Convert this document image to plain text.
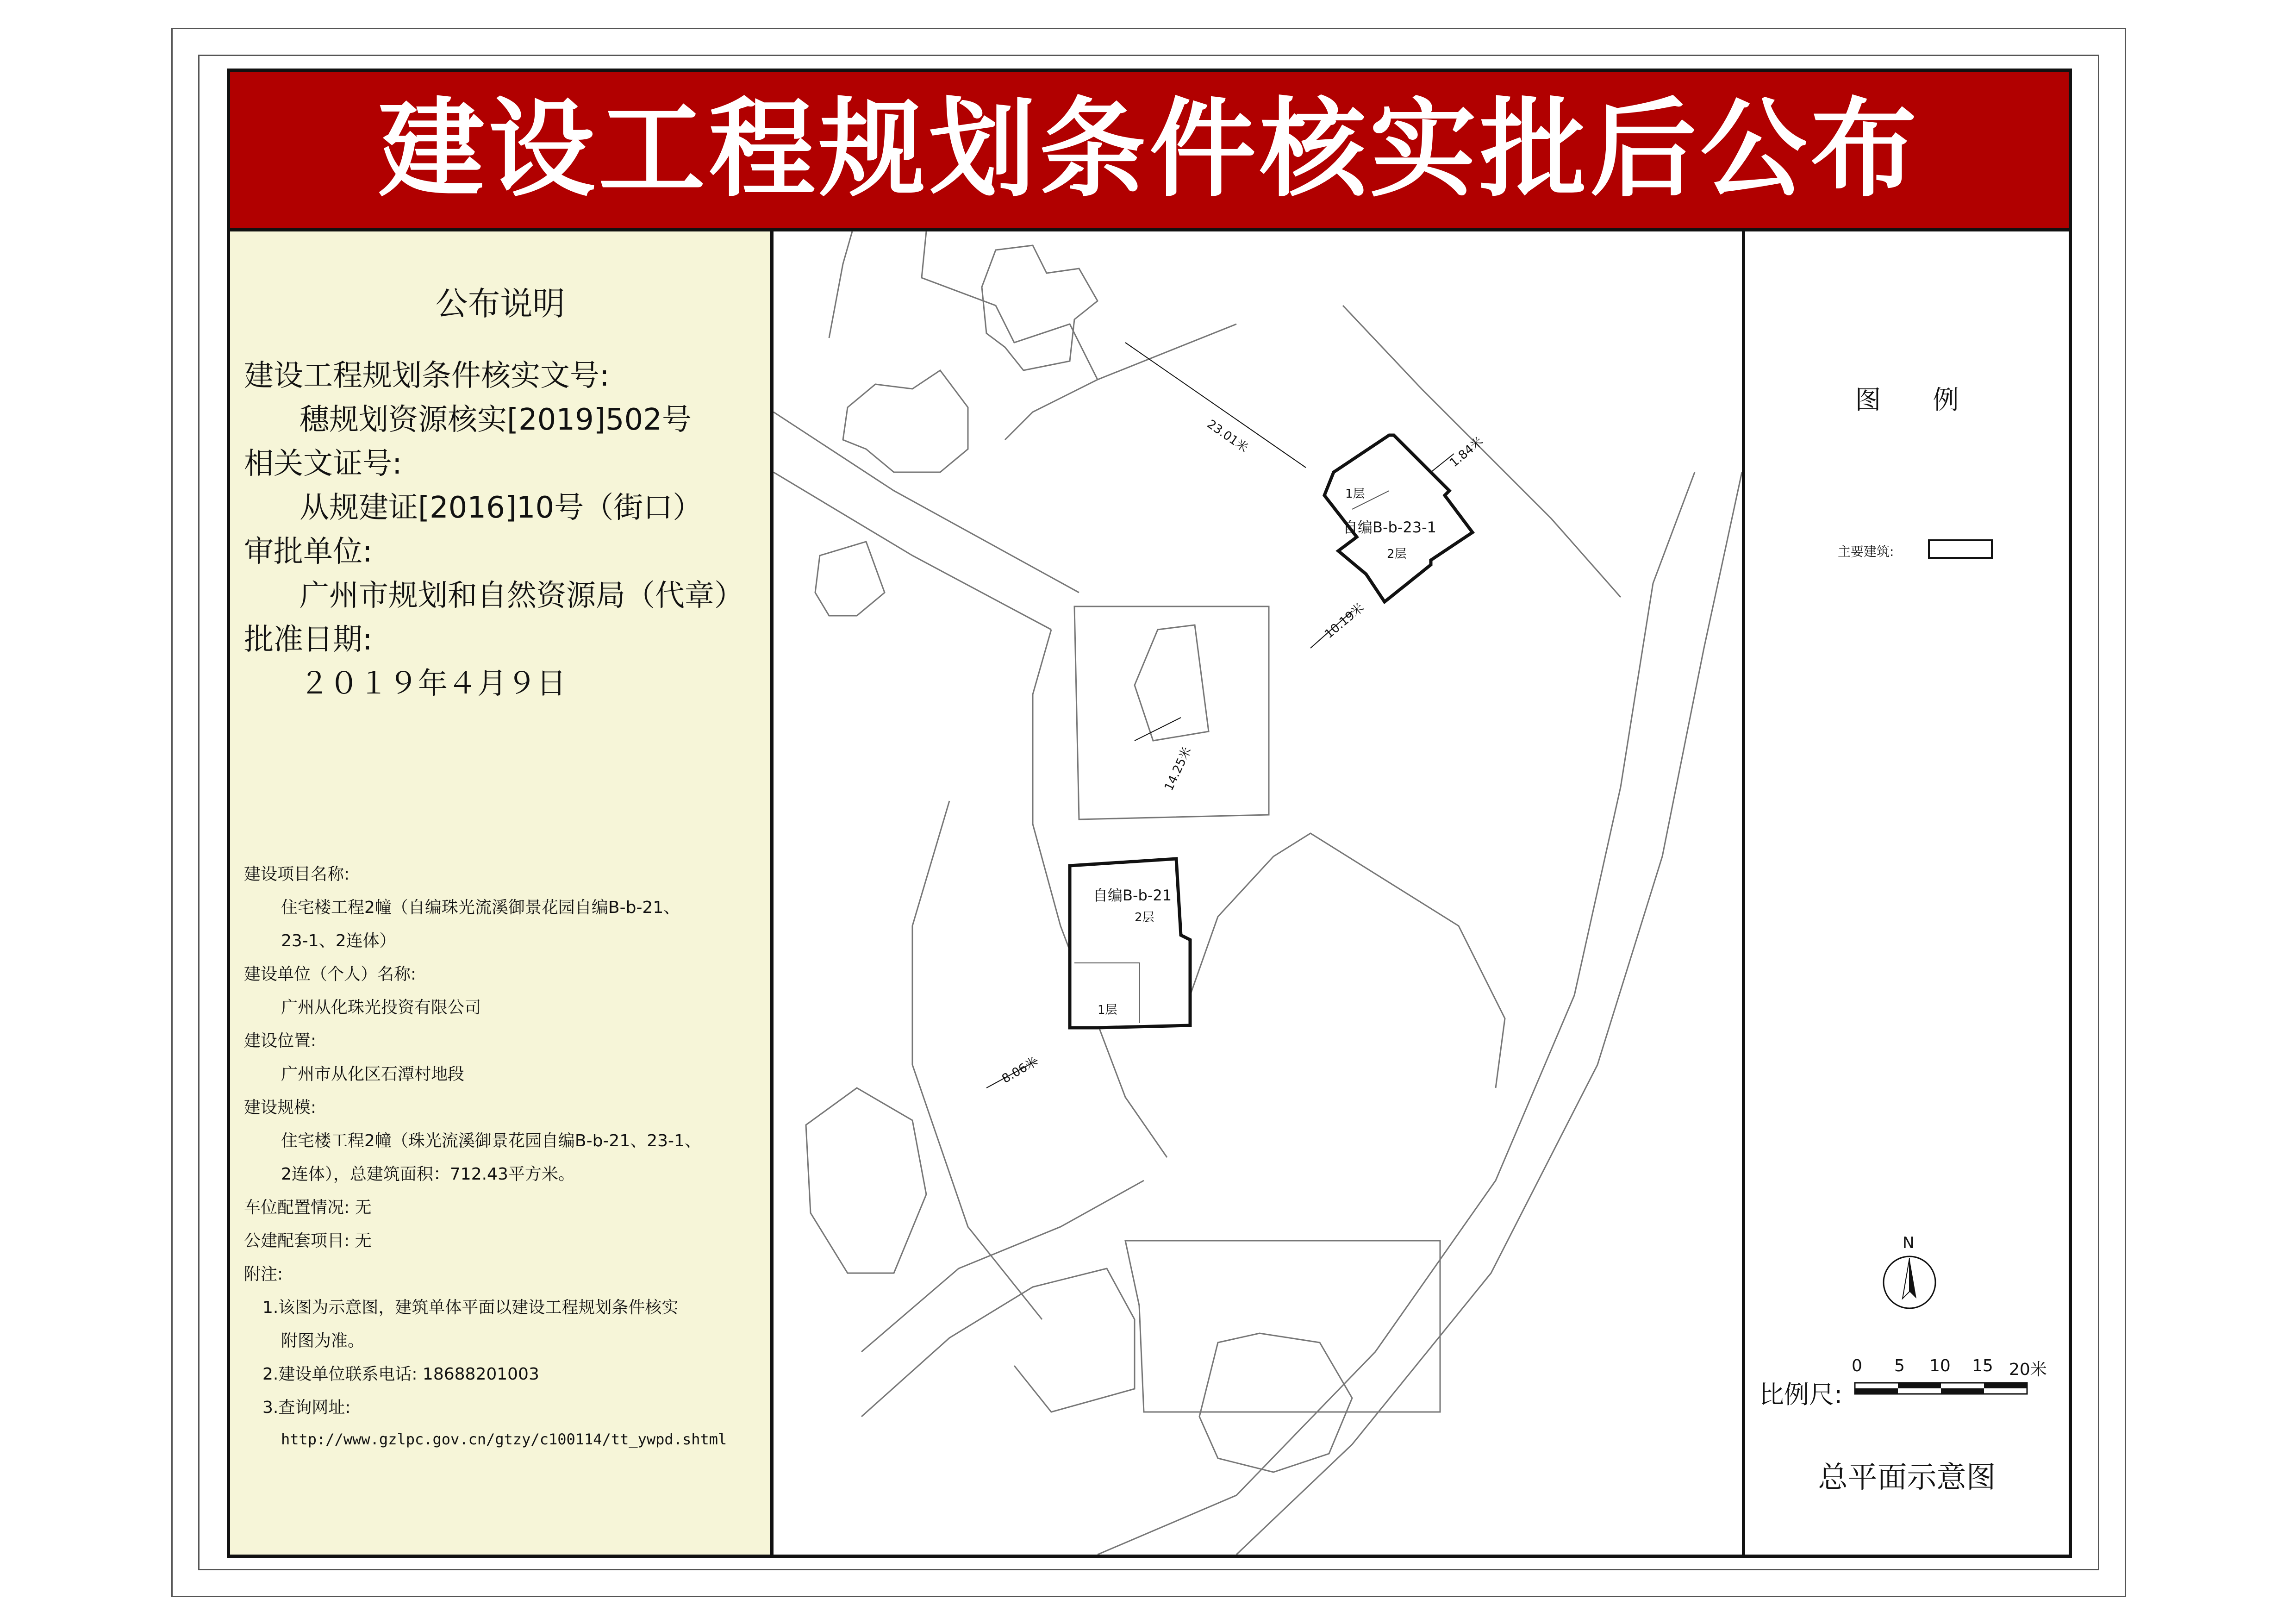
建设工程规划条件核实批后公布
公布说明
建设工程规划条件核实文号:
穗规划资源核实[2019]502号
相关文证号:
从规建证[2016]10号（街口）
审批单位:
广州市规划和自然资源局（代章）
批准日期:
２０１９年４月９日
建设项目名称:
住宅楼工程2幢（自编珠光流溪御景花园自编B-b-21、
23-1、2连体）
建设单位（个人）名称:
广州从化珠光投资有限公司
建设位置:
广州市从化区石潭村地段
建设规模:
住宅楼工程2幢（珠光流溪御景花园自编B-b-21、23-1、
2连体），总建筑面积：712.43平方米。
车位配置情况: 无
公建配套项目: 无
附注:
1.该图为示意图，建筑单体平面以建设工程规划条件核实
附图为准。
2.建设单位联系电话: 18688201003
3.查询网址:
http://www.gzlpc.gov.cn/gtzy/c100114/tt_ywpd.shtml
23.01米	1.84米
10.19米
14.25米
8.06米
自编B-b-23-1
1层
2层
自编B-b-21
2层
1层
图　　例
主要建筑:
N
比例尺:
0 5 10 15 20米
总平面示意图
